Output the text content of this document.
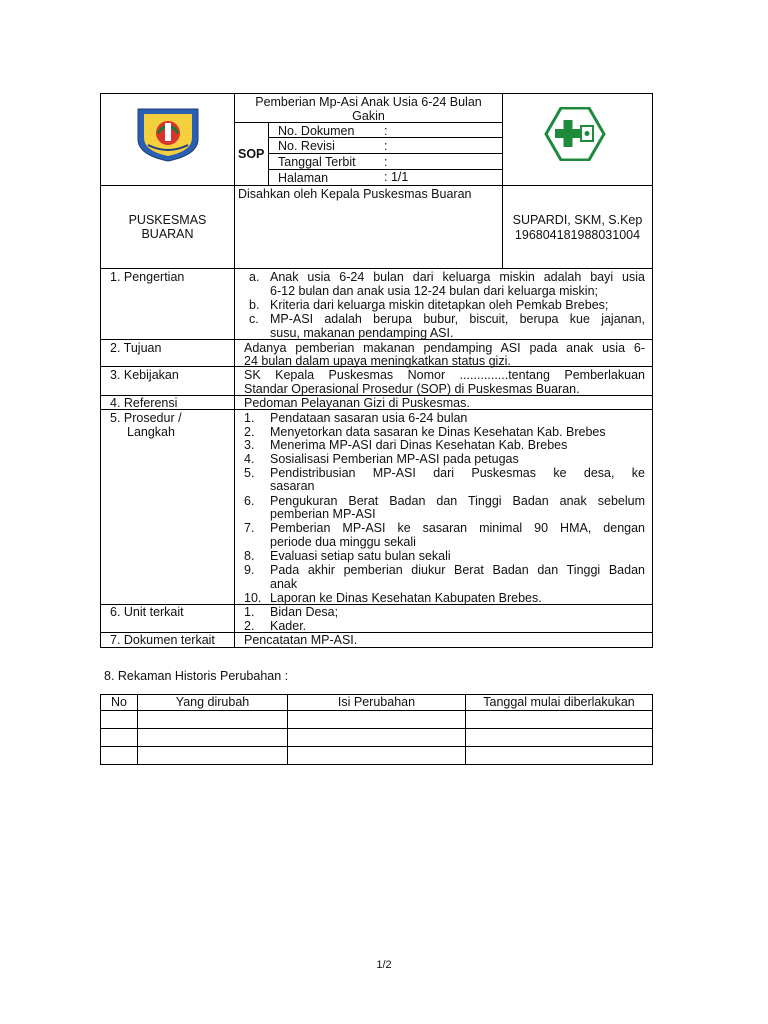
Pemberian Mp-Asi Anak Usia 6-24 Bulan
Gakin
SOP
No. Dokumen :
No. Revisi	:
Tanggal Terbit :
Halaman	: 1/1
PUSKESMAS
BUARAN
Disahkan oleh Kepala Puskesmas Buaran
SUPARDI, SKM, S.Kep
196804181988031004
1. Pengertian	a. Anak usia 6-24 bulan dari keluarga miskin adalah bayi usia
6-12 bulan dan anak usia 12-24 bulan dari keluarga miskin;
b. Kriteria dari keluarga miskin ditetapkan oleh Pemkab Brebes;
c. MP-ASI adalah berupa bubur, biscuit, berupa kue jajanan,
susu, makanan pendamping ASI.
2. Tujuan	Adanya pemberian makanan pendamping ASI pada anak usia 6-
24 bulan dalam upaya meningkatkan status gizi.
3. Kebijakan	SK Kepala Puskesmas Nomor ..............tentang Pemberlakuan
Standar Operasional Prosedur (SOP) di Puskesmas Buaran.
4. Referensi	Pedoman Pelayanan Gizi di Puskesmas.
5. Prosedur /
Langkah
1. Pendataan sasaran usia 6-24 bulan
2. Menyetorkan data sasaran ke Dinas Kesehatan Kab. Brebes
3. Menerima MP-ASI dari Dinas Kesehatan Kab. Brebes
4. Sosialisasi Pemberian MP-ASI pada petugas
5. Pendistribusian MP-ASI dari Puskesmas ke desa, ke
sasaran
6. Pengukuran Berat Badan dan Tinggi Badan anak sebelum
pemberian MP-ASI
7. Pemberian MP-ASI ke sasaran minimal 90 HMA, dengan
periode dua minggu sekali
8. Evaluasi setiap satu bulan sekali
9. Pada akhir pemberian diukur Berat Badan dan Tinggi Badan
anak
10. Laporan ke Dinas Kesehatan Kabupaten Brebes.
6. Unit terkait	1. Bidan Desa;
2. Kader.
7. Dokumen terkait Pencatatan MP-ASI.
8. Rekaman Historis Perubahan :
No	Yang dirubah	Isi Perubahan	Tanggal mulai diberlakukan
1/2
